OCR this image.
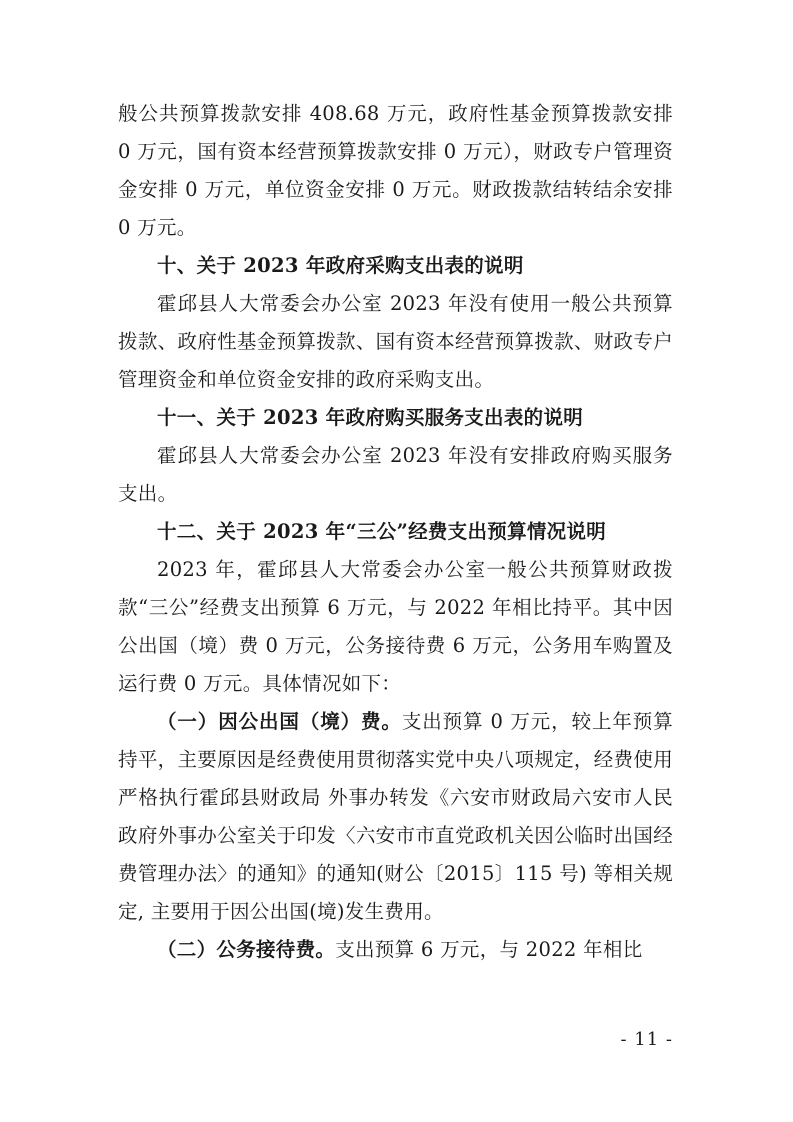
般公共预算拨款安排 408.68 万元，政府性基金预算拨款安排 0 万元，国有资本经营预算拨款安排 0 万元），财政专户管理资金安排 0 万元，单位资金安排 0 万元。财政拨款结转结余安排 0 万元。

十、关于 2023 年政府采购支出表的说明

霍邱县人大常委会办公室 2023 年没有使用一般公共预算拨款、政府性基金预算拨款、国有资本经营预算拨款、财政专户管理资金和单位资金安排的政府采购支出。

十一、关于 2023 年政府购买服务支出表的说明

霍邱县人大常委会办公室 2023 年没有安排政府购买服务支出。

十二、关于 2023 年“三公”经费支出预算情况说明

2023 年，霍邱县人大常委会办公室一般公共预算财政拨款“三公”经费支出预算 6 万元，与 2022 年相比持平。其中因公出国（境）费 0 万元，公务接待费 6 万元，公务用车购置及运行费 0 万元。具体情况如下：

（一）因公出国（境）费。支出预算 0 万元，较上年预算持平，主要原因是经费使用贯彻落实党中央八项规定，经费使用严格执行霍邱县财政局 外事办转发《六安市财政局六安市人民政府外事办公室关于印发〈六安市市直党政机关因公临时出国经费管理办法〉的通知》的通知(财公〔2015〕115 号) 等相关规定, 主要用于因公出国(境)发生费用。

（二）公务接待费。支出预算 6 万元，与 2022 年相比

- 11 -
